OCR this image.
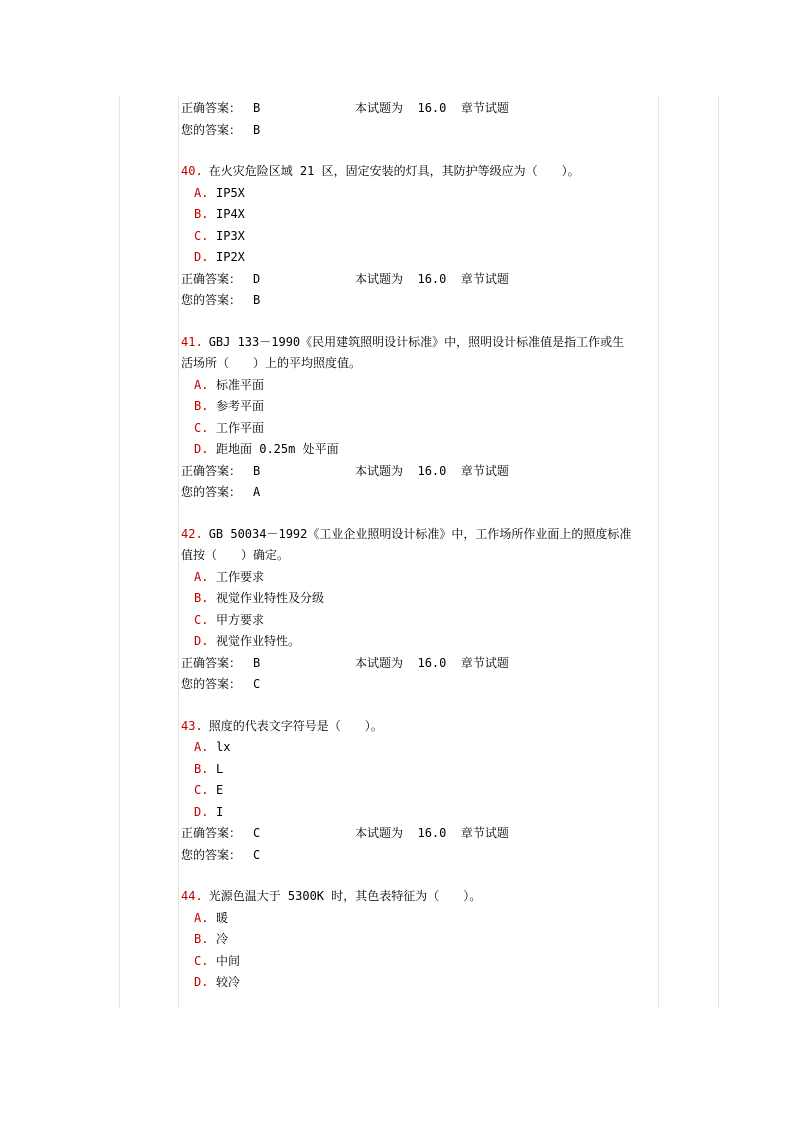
正确答案： B	本试题为 16.0 章节试题
您的答案： B
40. 在火灾危险区域 21 区，固定安装的灯具，其防护等级应为（　　）。
A. IP5X
B. IP4X
C. IP3X
D. IP2X
正确答案： D	本试题为 16.0 章节试题
您的答案： B
41. GBJ 133－1990《民用建筑照明设计标准》中，照明设计标准值是指工作或生
活场所（　　）上的平均照度值。
A. 标准平面
B. 参考平面
C. 工作平面
D. 距地面 0.25m 处平面
正确答案： B	本试题为 16.0 章节试题
您的答案： A
42. GB 50034－1992《工业企业照明设计标准》中，工作场所作业面上的照度标准
值按（　　）确定。
A. 工作要求
B. 视觉作业特性及分级
C. 甲方要求
D. 视觉作业特性。
正确答案： B	本试题为 16.0 章节试题
您的答案： C
43. 照度的代表文字符号是（　　）。
A. lx
B. L
C. E
D. I
正确答案： C	本试题为 16.0 章节试题
您的答案： C
44. 光源色温大于 5300K 时，其色表特征为（　　）。
A. 暖
B. 冷
C. 中间
D. 较冷
